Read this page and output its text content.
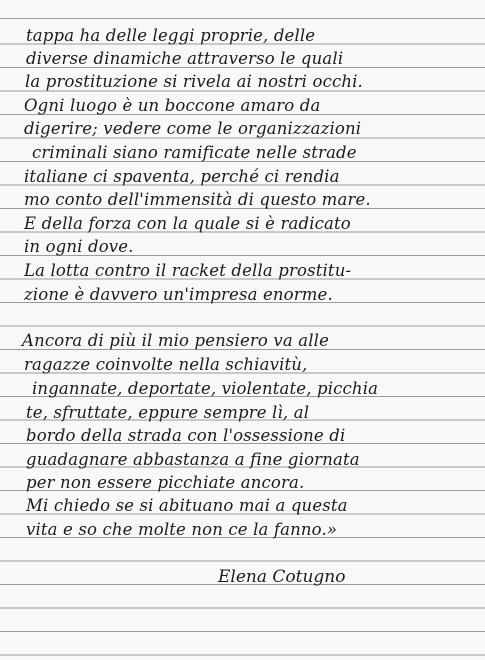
tappa ha delle leggi proprie, delle
diverse dinamiche attraverso le quali
la prostituzione si rivela ai nostri occhi.
Ogni luogo è un boccone amaro da
digerire; vedere come le organizzazioni
criminali siano ramificate nelle strade
italiane ci spaventa, perché ci rendia
mo conto dell'immensità di questo mare.
E della forza con la quale si è radicato
in ogni dove.
La lotta contro il racket della prostitu-
zione è davvero un'impresa enorme.
Ancora di più il mio pensiero va alle
ragazze coinvolte nella schiavitù,
ingannate, deportate, violentate, picchia
te, sfruttate, eppure sempre lì, al
bordo della strada con l'ossessione di
guadagnare abbastanza a fine giornata
per non essere picchiate ancora.
Mi chiedo se si abituano mai a questa
vita e so che molte non ce la fanno.»
Elena Cotugno
